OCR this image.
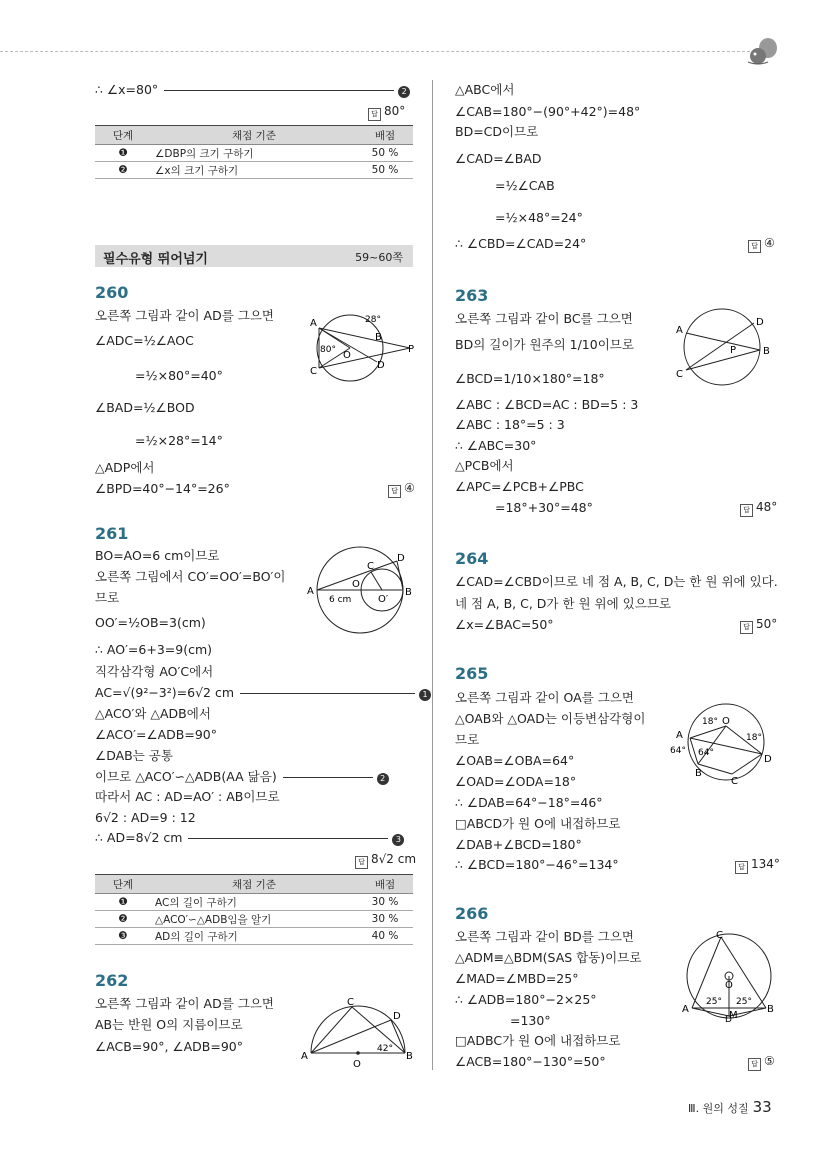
∴ ∠x=80°	2
답 80°
단계	채점 기준	배점
❶	∠DBP의 크기 구하기	50 %
❷	∠x의 크기 구하기	50 %
필수유형 뛰어넘기	59~60쪽
260
오른쪽 그림과 같이 AD를 그으면
∠ADC=½∠AOC
=½×80°=40°
∠BAD=½∠BOD
=½×28°=14°
△ADP에서
∠BPD=40°−14°=26°	답 ④
A
B
C
D
O
P
28°
80°
261
BO=AO=6 cm이므로
오른쪽 그림에서 CO′=OO′=BO′이
므로
OO′=½OB=3(cm)
∴ AO′=6+3=9(cm)
직각삼각형 AO′C에서
AC=√(9²−3²)=6√2 cm	1
△ACO′와 △ADB에서
∠ACO′=∠ADB=90°
∠DAB는 공통
이므로 △ACO′∽△ADB(AA 닮음)	2
따라서 AC : AD=AO′ : AB이므로
6√2 : AD=9 : 12
∴ AD=8√2 cm	3
답 8√2 cm
A	B
C
D
O
O′
6 cm
단계	채점 기준	배점
❶	AC의 길이 구하기	30 %
❷	△ACO′∽△ADB임을 알기	30 %
❸	AD의 길이 구하기	40 %
262
오른쪽 그림과 같이 AD를 그으면
AB는 반원 O의 지름이므로
∠ACB=90°, ∠ADB=90°
A	B
C
D
O
42°
△ABC에서
∠CAB=180°−(90°+42°)=48°
BD=CD이므로
∠CAD=∠BAD
=½∠CAB
=½×48°=24°
∴ ∠CBD=∠CAD=24°	답 ④
263
오른쪽 그림과 같이 BC를 그으면
BD의 길이가 원주의 1/10이므로
∠BCD=1/10×180°=18°
∠ABC : ∠BCD=AC : BD=5 : 3
∠ABC : 18°=5 : 3
∴ ∠ABC=30°
△PCB에서
∠APC=∠PCB+∠PBC
=18°+30°=48°	답 48°
A
B
C
D
P
264
∠CAD=∠CBD이므로 네 점 A, B, C, D는 한 원 위에 있다.
네 점 A, B, C, D가 한 원 위에 있으므로
∠x=∠BAC=50°	답 50°
265
오른쪽 그림과 같이 OA를 그으면
△OAB와 △OAD는 이등변삼각형이
므로
∠OAB=∠OBA=64°
∠OAD=∠ODA=18°
∴ ∠DAB=64°−18°=46°
□ABCD가 원 O에 내접하므로
∠DAB+∠BCD=180°
∴ ∠BCD=180°−46°=134°	답 134°
A
B
C
D
O
18°
18°
64° 64°
266
오른쪽 그림과 같이 BD를 그으면
△ADM≡△BDM(SAS 합동)이므로
∠MAD=∠MBD=25°
∴ ∠ADB=180°−2×25°
=130°
□ADBC가 원 O에 내접하므로
∠ACB=180°−130°=50°	답 ⑤
C
A	B
O
M
D
25° 25°
Ⅲ. 원의 성질 33
